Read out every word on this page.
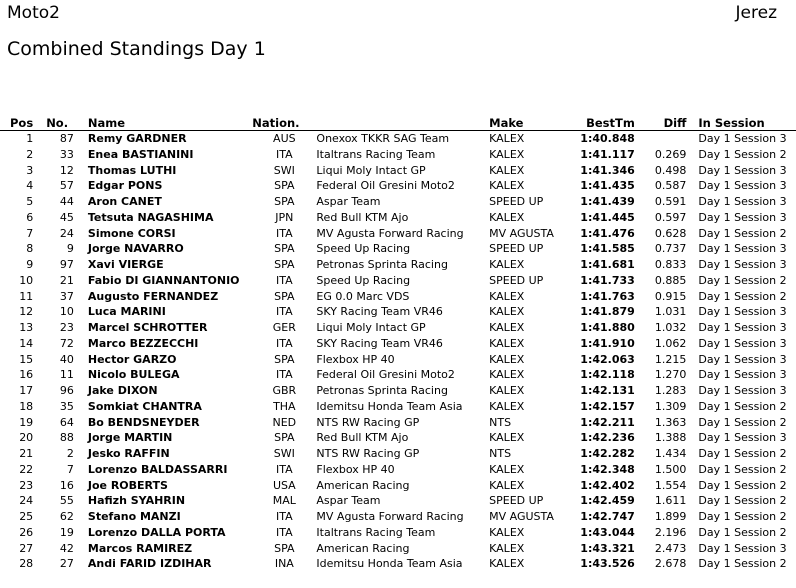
Moto2	Jerez
Combined Standings Day 1
Pos	No.	Name	Nation.		Make	BestTm	Diff	In Session
1	87	Remy GARDNER	AUS	Onexox TKKR SAG Team	KALEX	1:40.848		Day 1 Session 3
2	33	Enea BASTIANINI	ITA	Italtrans Racing Team	KALEX	1:41.117	0.269	Day 1 Session 2
3	12	Thomas LUTHI	SWI	Liqui Moly Intact GP	KALEX	1:41.346	0.498	Day 1 Session 3
4	57	Edgar PONS	SPA	Federal Oil Gresini Moto2	KALEX	1:41.435	0.587	Day 1 Session 3
5	44	Aron CANET	SPA	Aspar Team	SPEED UP	1:41.439	0.591	Day 1 Session 3
6	45	Tetsuta NAGASHIMA	JPN	Red Bull KTM Ajo	KALEX	1:41.445	0.597	Day 1 Session 3
7	24	Simone CORSI	ITA	MV Agusta Forward Racing	MV AGUSTA	1:41.476	0.628	Day 1 Session 2
8	9	Jorge NAVARRO	SPA	Speed Up Racing	SPEED UP	1:41.585	0.737	Day 1 Session 3
9	97	Xavi VIERGE	SPA	Petronas Sprinta Racing	KALEX	1:41.681	0.833	Day 1 Session 3
10	21	Fabio DI GIANNANTONIO	ITA	Speed Up Racing	SPEED UP	1:41.733	0.885	Day 1 Session 2
11	37	Augusto FERNANDEZ	SPA	EG 0.0 Marc VDS	KALEX	1:41.763	0.915	Day 1 Session 2
12	10	Luca MARINI	ITA	SKY Racing Team VR46	KALEX	1:41.879	1.031	Day 1 Session 3
13	23	Marcel SCHROTTER	GER	Liqui Moly Intact GP	KALEX	1:41.880	1.032	Day 1 Session 3
14	72	Marco BEZZECCHI	ITA	SKY Racing Team VR46	KALEX	1:41.910	1.062	Day 1 Session 3
15	40	Hector GARZO	SPA	Flexbox HP 40	KALEX	1:42.063	1.215	Day 1 Session 3
16	11	Nicolo BULEGA	ITA	Federal Oil Gresini Moto2	KALEX	1:42.118	1.270	Day 1 Session 3
17	96	Jake DIXON	GBR	Petronas Sprinta Racing	KALEX	1:42.131	1.283	Day 1 Session 3
18	35	Somkiat CHANTRA	THA	Idemitsu Honda Team Asia	KALEX	1:42.157	1.309	Day 1 Session 2
19	64	Bo BENDSNEYDER	NED	NTS RW Racing GP	NTS	1:42.211	1.363	Day 1 Session 2
20	88	Jorge MARTIN	SPA	Red Bull KTM Ajo	KALEX	1:42.236	1.388	Day 1 Session 3
21	2	Jesko RAFFIN	SWI	NTS RW Racing GP	NTS	1:42.282	1.434	Day 1 Session 2
22	7	Lorenzo BALDASSARRI	ITA	Flexbox HP 40	KALEX	1:42.348	1.500	Day 1 Session 2
23	16	Joe ROBERTS	USA	American Racing	KALEX	1:42.402	1.554	Day 1 Session 2
24	55	Hafizh SYAHRIN	MAL	Aspar Team	SPEED UP	1:42.459	1.611	Day 1 Session 2
25	62	Stefano MANZI	ITA	MV Agusta Forward Racing	MV AGUSTA	1:42.747	1.899	Day 1 Session 2
26	19	Lorenzo DALLA PORTA	ITA	Italtrans Racing Team	KALEX	1:43.044	2.196	Day 1 Session 2
27	42	Marcos RAMIREZ	SPA	American Racing	KALEX	1:43.321	2.473	Day 1 Session 3
28	27	Andi FARID IZDIHAR	INA	Idemitsu Honda Team Asia	KALEX	1:43.526	2.678	Day 1 Session 2
